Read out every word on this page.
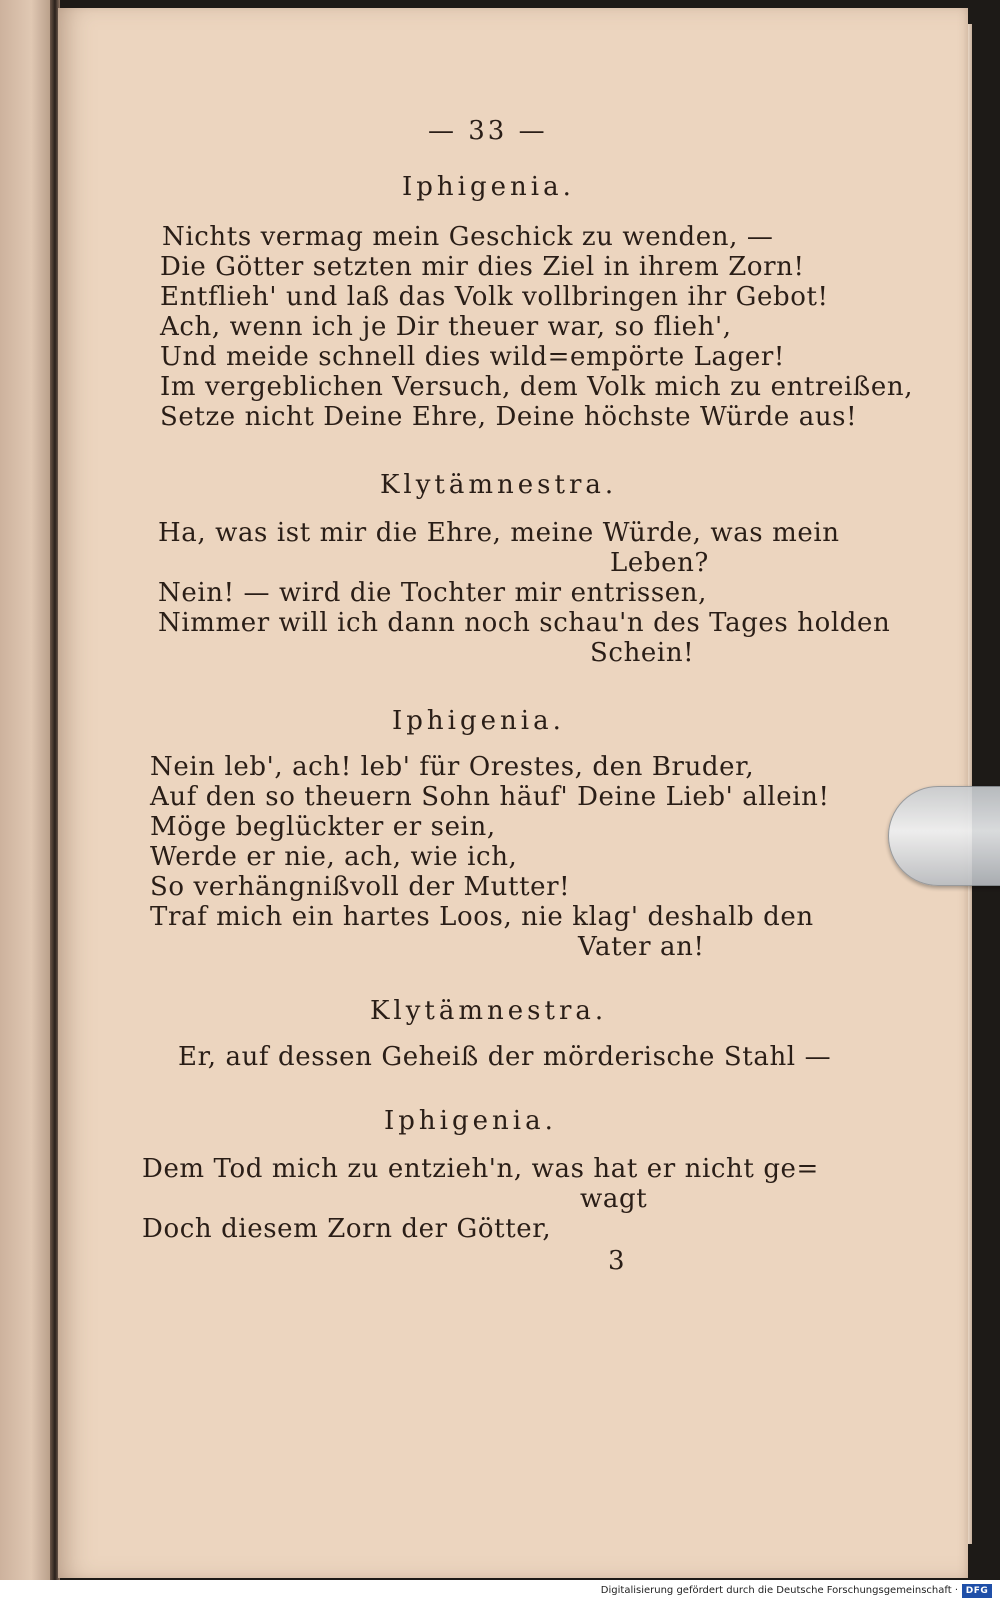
— 33 —
Iphigenia.
Nichts vermag mein Geschick zu wenden, —
Die Götter setzten mir dies Ziel in ihrem Zorn!
Entflieh' und laß das Volk vollbringen ihr Gebot!
Ach, wenn ich je Dir theuer war, so flieh',
Und meide schnell dies wild=empörte Lager!
Im vergeblichen Versuch, dem Volk mich zu entreißen,
Setze nicht Deine Ehre, Deine höchste Würde aus!
Klytämnestra.
Ha, was ist mir die Ehre, meine Würde, was mein
Leben?
Nein! — wird die Tochter mir entrissen,
Nimmer will ich dann noch schau'n des Tages holden
Schein!
Iphigenia.
Nein leb', ach! leb' für Orestes, den Bruder,
Auf den so theuern Sohn häuf' Deine Lieb' allein!
Möge beglückter er sein,
Werde er nie, ach, wie ich,
So verhängnißvoll der Mutter!
Traf mich ein hartes Loos, nie klag' deshalb den
Vater an!
Klytämnestra.
Er, auf dessen Geheiß der mörderische Stahl —
Iphigenia.
Dem Tod mich zu entzieh'n, was hat er nicht ge=
wagt
Doch diesem Zorn der Götter,
3
Digitalisierung gefördert durch die Deutsche Forschungsgemeinschaft · DFG
